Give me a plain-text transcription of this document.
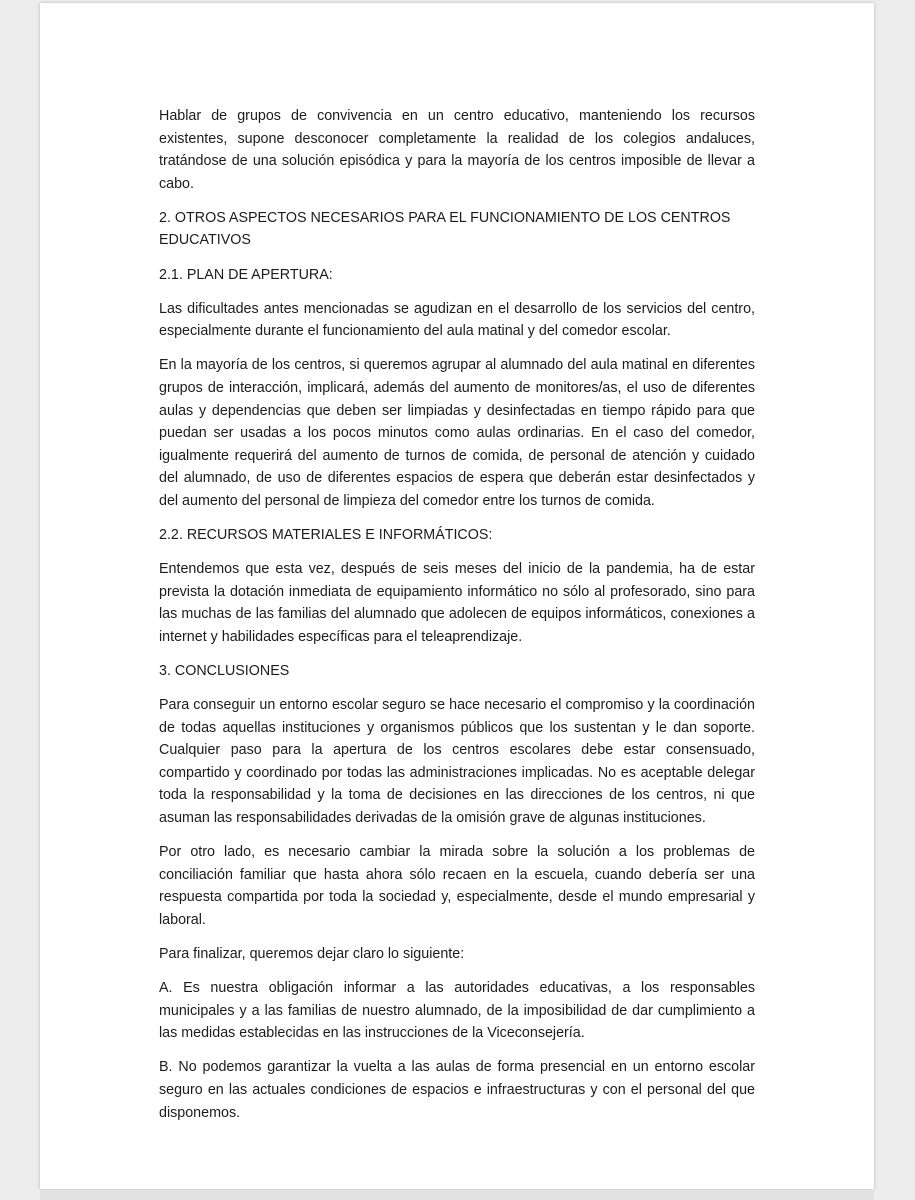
Hablar de grupos de convivencia en un centro educativo, manteniendo los recursos existentes, supone desconocer completamente la realidad de los colegios andaluces, tratándose de una solución episódica y para la mayoría de los centros imposible de llevar a cabo.

2. OTROS ASPECTOS NECESARIOS PARA EL FUNCIONAMIENTO DE LOS CENTROS EDUCATIVOS

2.1. PLAN DE APERTURA:

Las dificultades antes mencionadas se agudizan en el desarrollo de los servicios del centro, especialmente durante el funcionamiento del aula matinal y del comedor escolar.

En la mayoría de los centros, si queremos agrupar al alumnado del aula matinal en diferentes grupos de interacción, implicará, además del aumento de monitores/as, el uso de diferentes aulas y dependencias que deben ser limpiadas y desinfectadas en tiempo rápido para que puedan ser usadas a los pocos minutos como aulas ordinarias. En el caso del comedor, igualmente requerirá del aumento de turnos de comida, de personal de atención y cuidado del alumnado, de uso de diferentes espacios de espera que deberán estar desinfectados y del aumento del personal de limpieza del comedor entre los turnos de comida.

2.2. RECURSOS MATERIALES E INFORMÁTICOS:

Entendemos que esta vez, después de seis meses del inicio de la pandemia, ha de estar prevista la dotación inmediata de equipamiento informático no sólo al profesorado, sino para las muchas de las familias del alumnado que adolecen de equipos informáticos, conexiones a internet y habilidades específicas para el teleaprendizaje.

3. CONCLUSIONES

Para conseguir un entorno escolar seguro se hace necesario el compromiso y la coordinación de todas aquellas instituciones y organismos públicos que los sustentan y le dan soporte. Cualquier paso para la apertura de los centros escolares debe estar consensuado, compartido y coordinado por todas las administraciones implicadas. No es aceptable delegar toda la responsabilidad y la toma de decisiones en las direcciones de los centros, ni que asuman las responsabilidades derivadas de la omisión grave de algunas instituciones.

Por otro lado, es necesario cambiar la mirada sobre la solución a los problemas de conciliación familiar que hasta ahora sólo recaen en la escuela, cuando debería ser una respuesta compartida por toda la sociedad y, especialmente, desde el mundo empresarial y laboral.

Para finalizar, queremos dejar claro lo siguiente:

A. Es nuestra obligación informar a las autoridades educativas, a los responsables municipales y a las familias de nuestro alumnado, de la imposibilidad de dar cumplimiento a las medidas establecidas en las instrucciones de la Viceconsejería.

B. No podemos garantizar la vuelta a las aulas de forma presencial en un entorno escolar seguro en las actuales condiciones de espacios e infraestructuras y con el personal del que disponemos.
